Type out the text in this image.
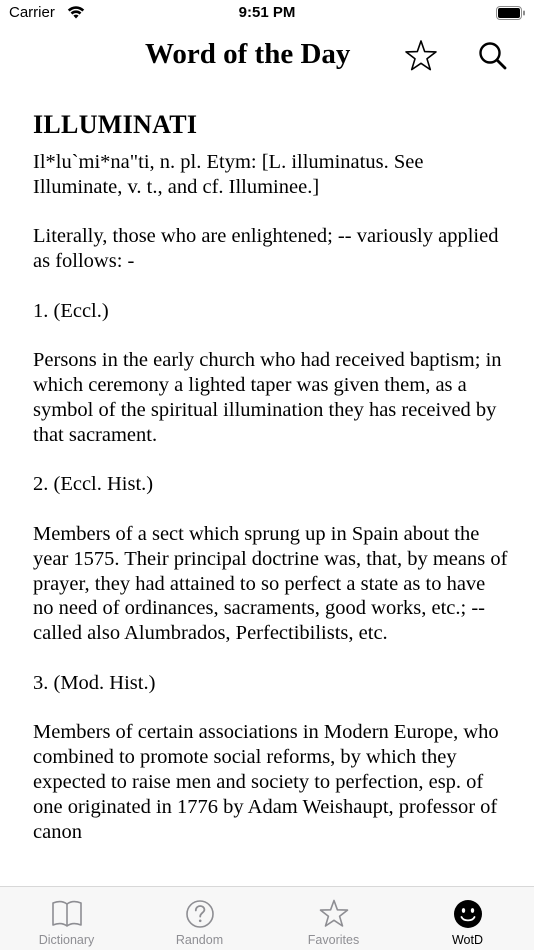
Carrier	9:51 PM
Word of the Day
ILLUMINATI

Il*lu`mi*na"ti, n. pl. Etym: [L. illuminatus. See Illuminate, v. t., and cf. Illuminee.]

Literally, those who are enlightened; -- variously applied as follows: -

1. (Eccl.)

Persons in the early church who had received baptism; in which ceremony a lighted taper was given them, as a symbol of the spiritual illumination they has received by that sacrament.

2. (Eccl. Hist.)

Members of a sect which sprung up in Spain about the year 1575. Their principal doctrine was, that, by means of prayer, they had attained to so perfect a state as to have no need of ordinances, sacraments, good works, etc.; -- called also Alumbrados, Perfectibilists, etc.

3. (Mod. Hist.)

Members of certain associations in Modern Europe, who combined to promote social reforms, by which they expected to raise men and society to perfection, esp. of one originated in 1776 by Adam Weishaupt, professor of canon

Dictionary	Random	Favorites	WotD
